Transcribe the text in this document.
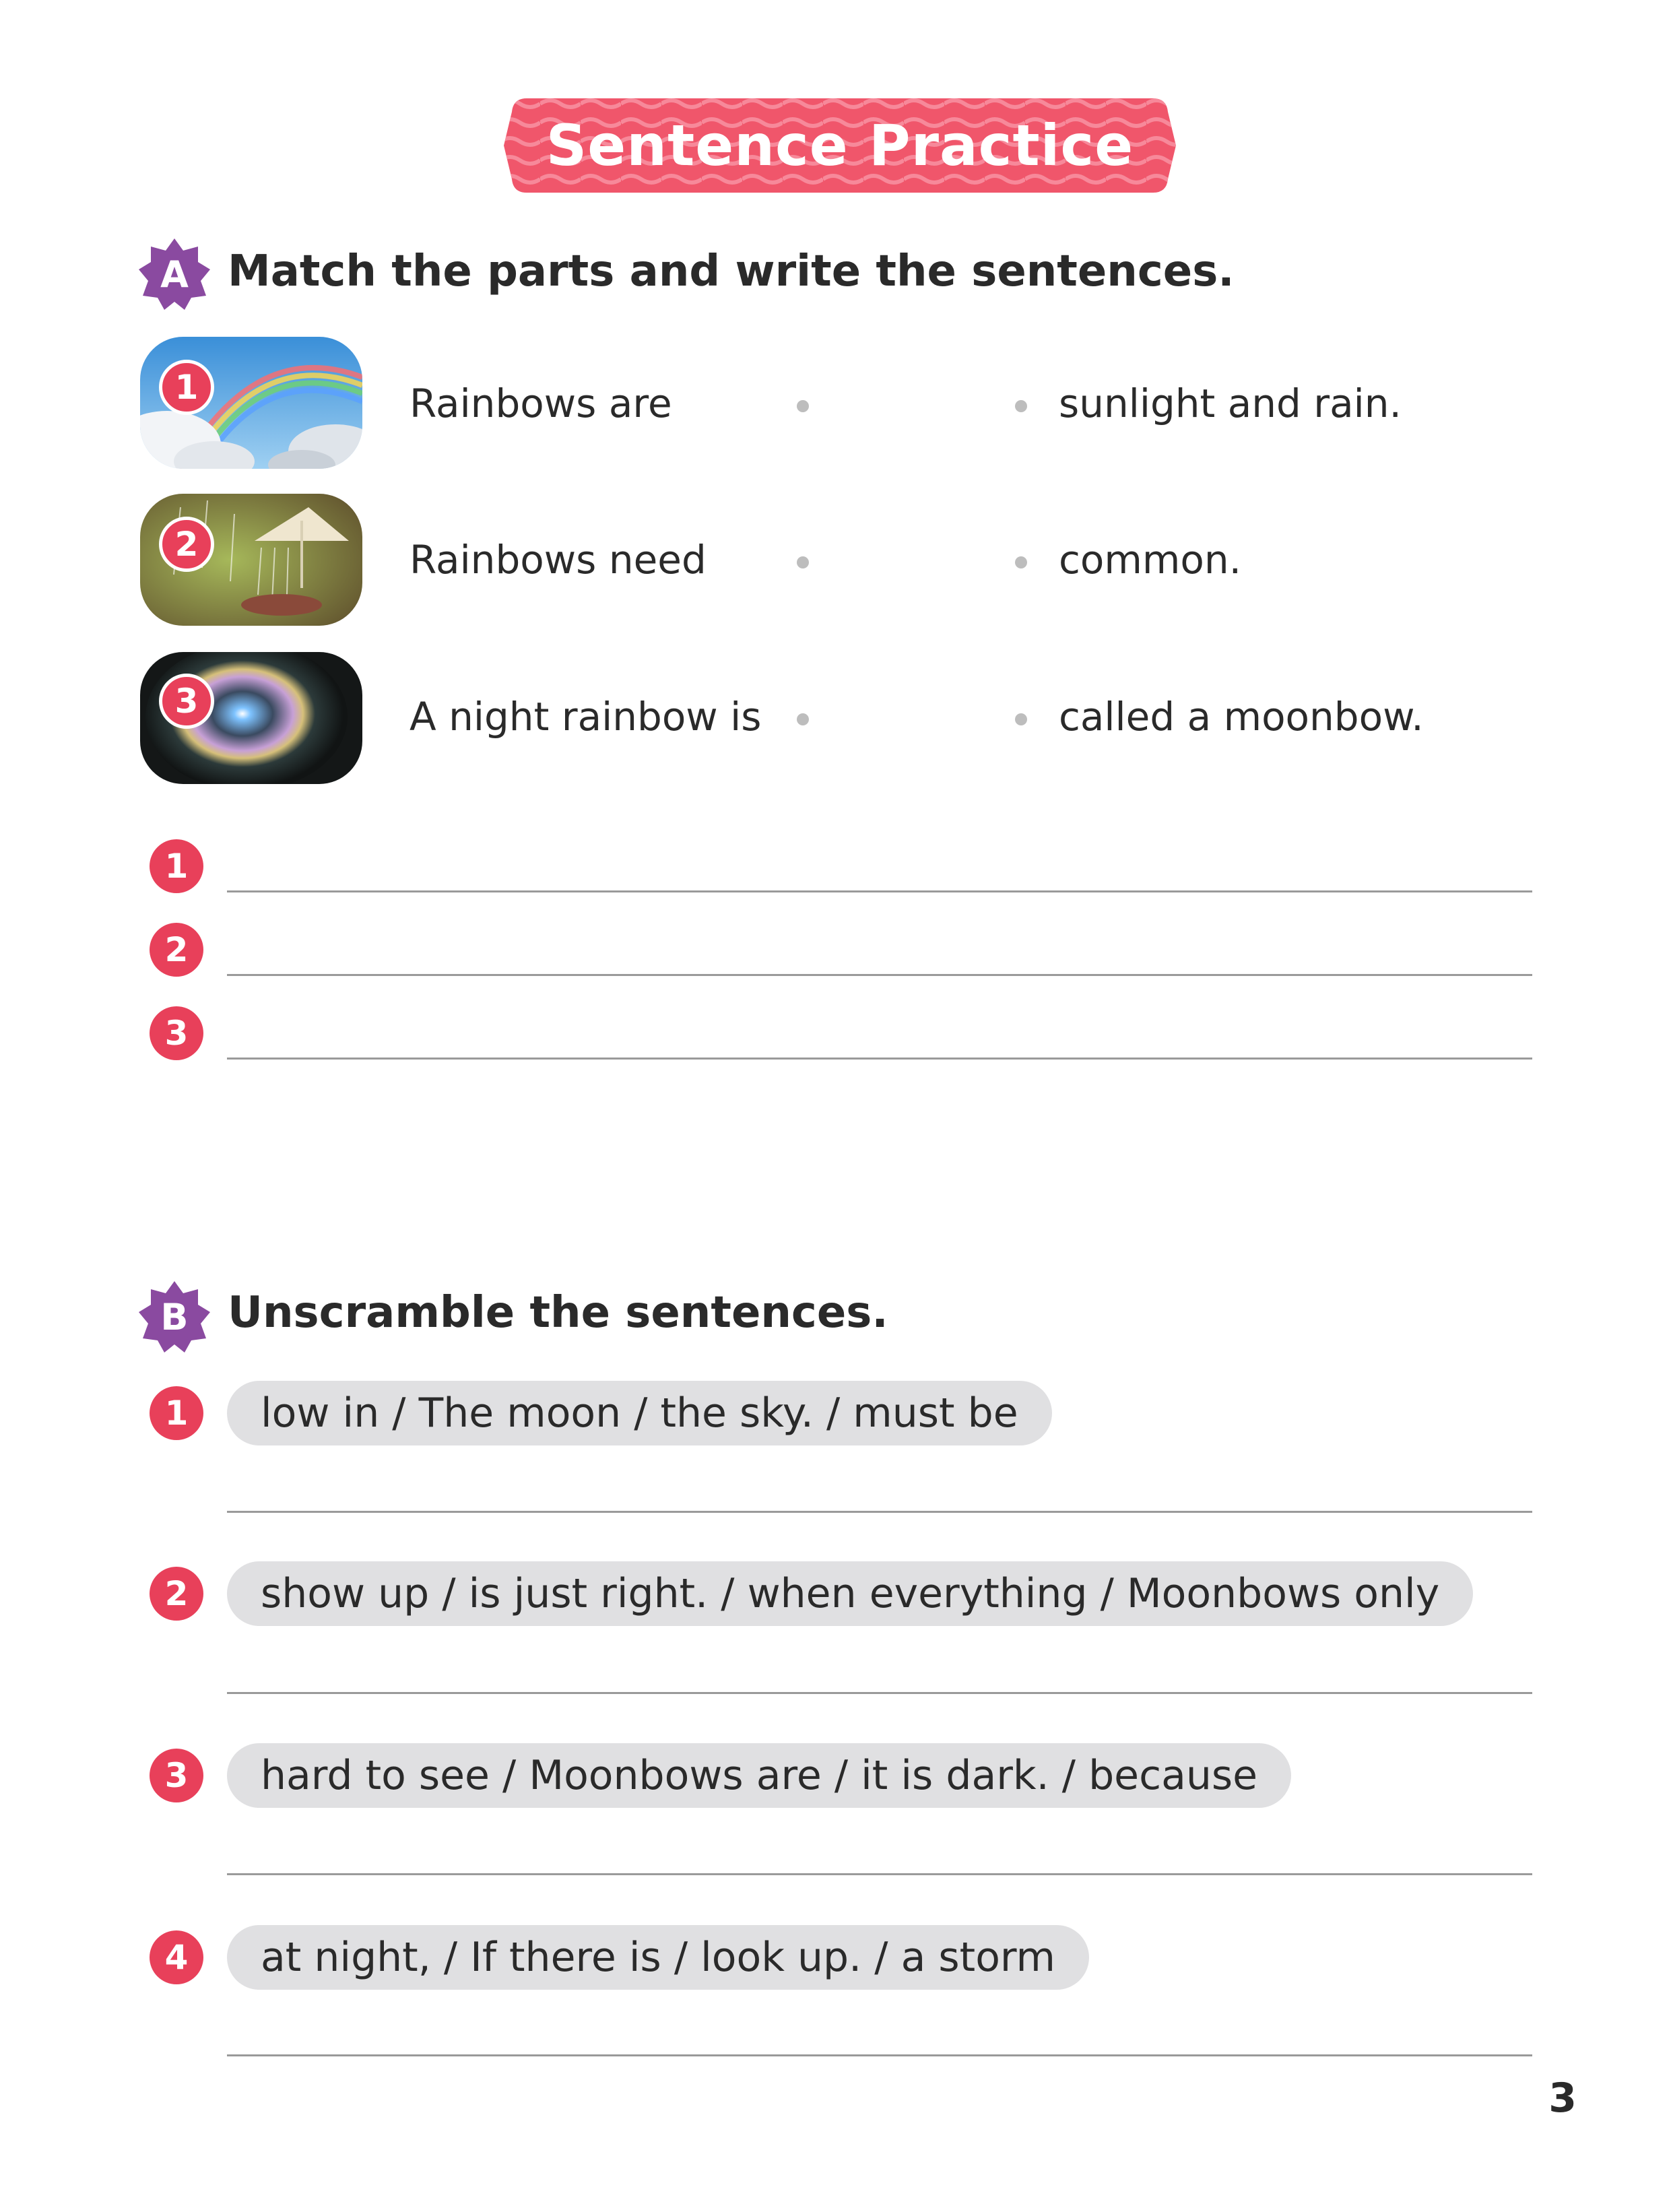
Sentence Practice
A Match the parts and write the sentences.
1
2
3
Rainbows are	sunlight and rain.
Rainbows need	common.
A night rainbow is	called a moonbow.
1
2
3
B Unscramble the sentences.
1	low in / The moon / the sky. / must be
2	show up / is just right. / when everything / Moonbows only
3	hard to see / Moonbows are / it is dark. / because
4	at night, / If there is / look up. / a storm
3
